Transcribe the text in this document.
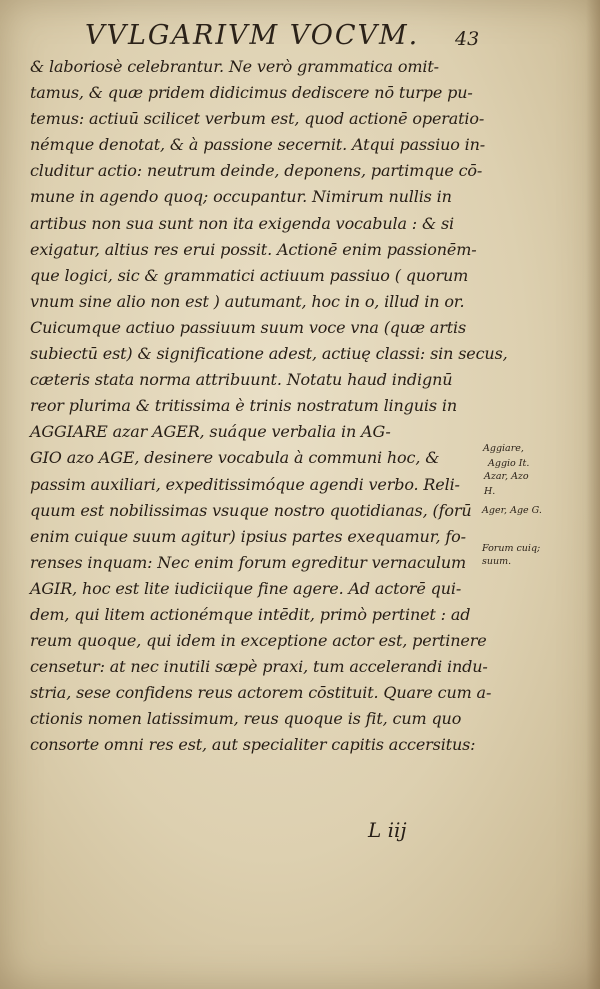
VVLGARIVM VOCVM.	43
& laboriosè celebrantur. Ne verò grammatica omit-
tamus, & quæ pridem didicimus dediscere nō turpe pu-
temus: actiuū scilicet verbum est, quod actionē operatio-
némque denotat, & à passione secernit. Atqui passiuo in-
cluditur actio: neutrum deinde, deponens, partimque cō-
mune in agendo quoq; occupantur. Nimirum nullis in
artibus non sua sunt non ita exigenda vocabula : & si
exigatur, altius res erui possit. Actionē enim passionēm-
que logici, sic & grammatici actiuum passiuo ( quorum
vnum sine alio non est ) autumant, hoc in o, illud in or.
Cuicumque actiuo passiuum suum voce vna (quæ artis
subiectū est) & significatione adest, actiuę classi: sin secus,
cæteris stata norma attribuunt. Notatu haud indignū
reor plurima & tritissima è trinis nostratum linguis in
AGGIARE azar AGER, suáque verbalia in AG-
GIO azo AGE, desinere vocabula à communi hoc, &
passim auxiliari, expeditissimóque agendi verbo. Reli-
quum est nobilissimas vsuque nostro quotidianas, (forū
enim cuique suum agitur) ipsius partes exequamur, fo-
renses inquam: Nec enim forum egreditur vernaculum
AGIR, hoc est lite iudiciique fine agere. Ad actorē qui-
dem, qui litem actionémque intēdit, primò pertinet : ad
reum quoque, qui idem in exceptione actor est, pertinere
censetur: at nec inutili sæpè praxi, tum accelerandi indu-
stria, sese confidens reus actorem cōstituit. Quare cum a-
ctionis nomen latissimum, reus quoque is fit, cum quo
consorte omni res est, aut specialiter capitis accersitus:
Aggiare,
Aggio It.
Azar, Azo
H.
Ager, Age G.
Forum cuiq;
suum.
L iij
